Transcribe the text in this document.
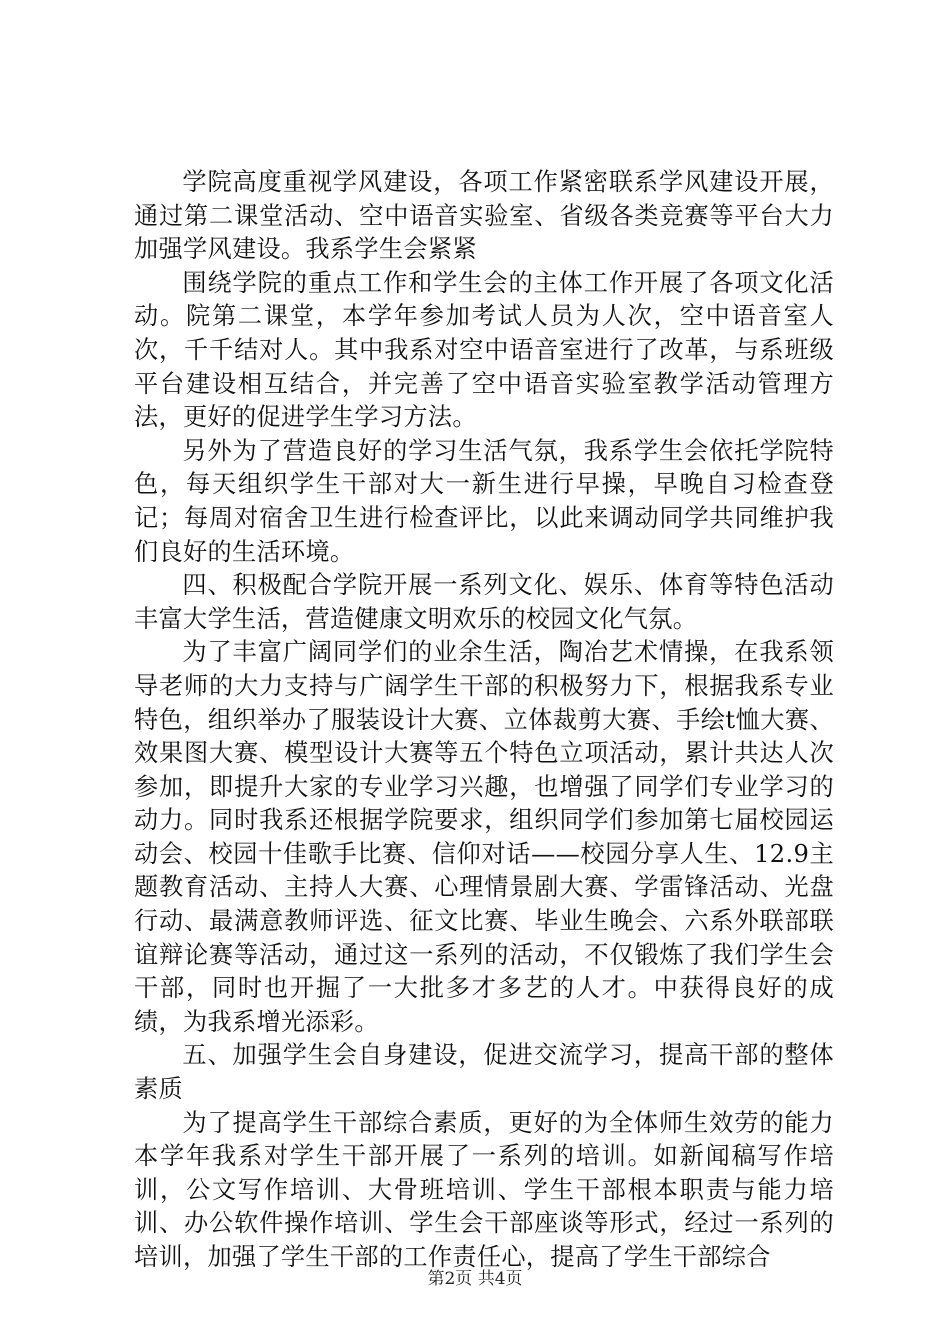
学院高度重视学风建设，各项工作紧密联系学风建设开展，通过第二课堂活动、空中语音实验室、省级各类竞赛等平台大力加强学风建设。我系学生会紧紧

围绕学院的重点工作和学生会的主体工作开展了各项文化活动。院第二课堂，本学年参加考试人员为人次，空中语音室人次，千千结对人。其中我系对空中语音室进行了改革，与系班级平台建设相互结合，并完善了空中语音实验室教学活动管理方法，更好的促进学生学习方法。

另外为了营造良好的学习生活气氛，我系学生会依托学院特色，每天组织学生干部对大一新生进行早操，早晚自习检查登记；每周对宿舍卫生进行检查评比，以此来调动同学共同维护我们良好的生活环境。

四、积极配合学院开展一系列文化、娱乐、体育等特色活动丰富大学生活，营造健康文明欢乐的校园文化气氛。

为了丰富广阔同学们的业余生活，陶冶艺术情操，在我系领导老师的大力支持与广阔学生干部的积极努力下，根据我系专业特色，组织举办了服装设计大赛、立体裁剪大赛、手绘t恤大赛、效果图大赛、模型设计大赛等五个特色立项活动，累计共达人次参加，即提升大家的专业学习兴趣，也增强了同学们专业学习的动力。同时我系还根据学院要求，组织同学们参加第七届校园运动会、校园十佳歌手比赛、信仰对话——校园分享人生、12.9主题教育活动、主持人大赛、心理情景剧大赛、学雷锋活动、光盘行动、最满意教师评选、征文比赛、毕业生晚会、六系外联部联谊辩论赛等活动，通过这一系列的活动，不仅锻炼了我们学生会干部，同时也开掘了一大批多才多艺的人才。中获得良好的成绩，为我系增光添彩。

五、加强学生会自身建设，促进交流学习，提高干部的整体素质

为了提高学生干部综合素质，更好的为全体师生效劳的能力本学年我系对学生干部开展了一系列的培训。如新闻稿写作培训，公文写作培训、大骨班培训、学生干部根本职责与能力培训、办公软件操作培训、学生会干部座谈等形式，经过一系列的培训，加强了学生干部的工作责任心，提高了学生干部综合

第2页 共4页
